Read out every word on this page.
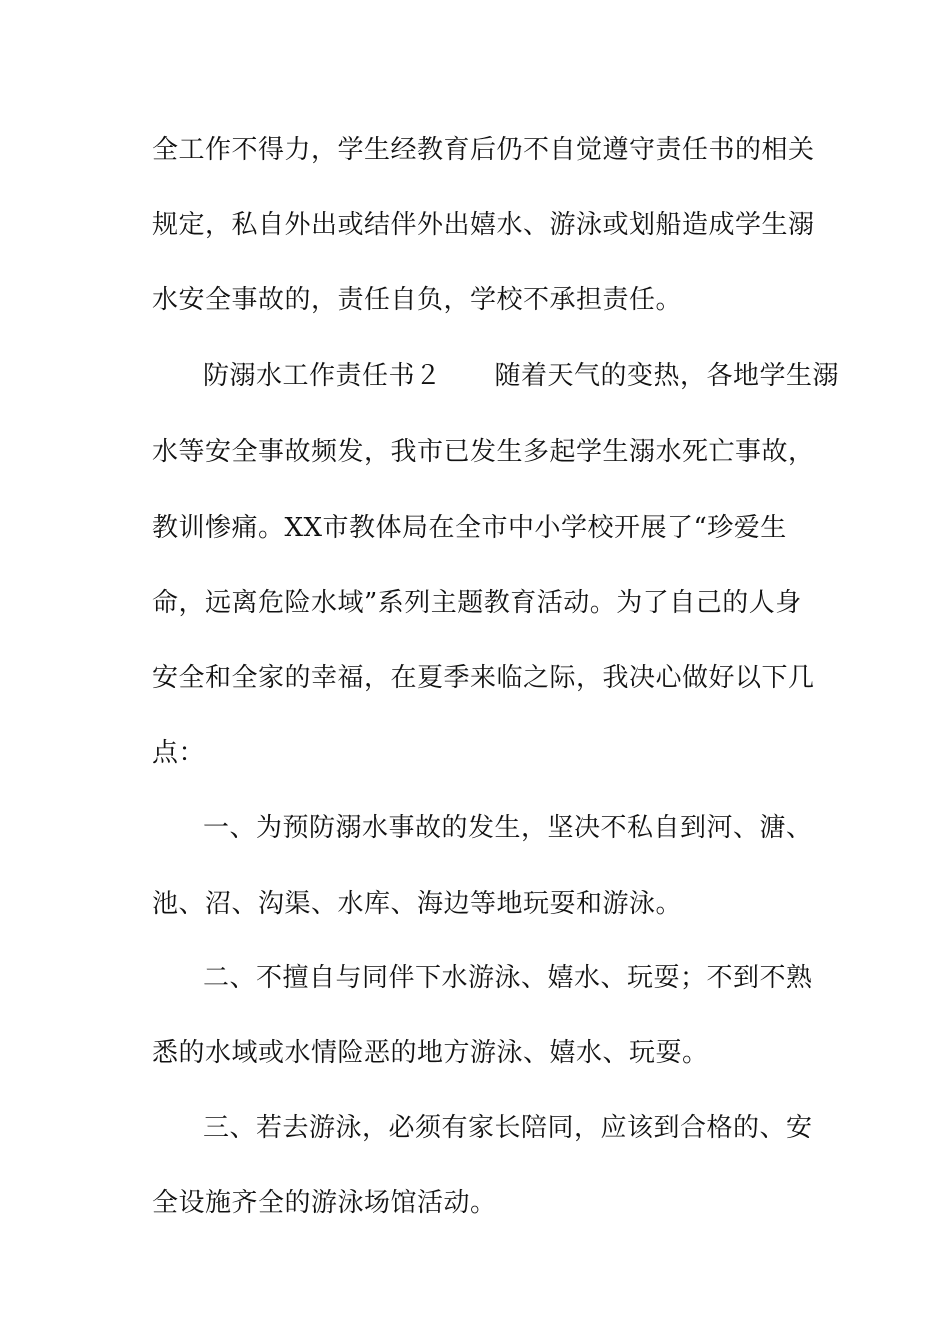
全工作不得力，学生经教育后仍不自觉遵守责任书的相关
规定，私自外出或结伴外出嬉水、游泳或划船造成学生溺
水安全事故的，责任自负，学校不承担责任。
防溺水工作责任书２　　随着天气的变热，各地学生溺
水等安全事故频发，我市已发生多起学生溺水死亡事故，
教训惨痛。XX市教体局在全市中小学校开展了“珍爱生
命，远离危险水域”系列主题教育活动。为了自己的人身
安全和全家的幸福，在夏季来临之际，我决心做好以下几
点：
一、为预防溺水事故的发生，坚决不私自到河、溏、
池、沼、沟渠、水库、海边等地玩耍和游泳。
二、不擅自与同伴下水游泳、嬉水、玩耍；不到不熟
悉的水域或水情险恶的地方游泳、嬉水、玩耍。
三、若去游泳，必须有家长陪同，应该到合格的、安
全设施齐全的游泳场馆活动。
